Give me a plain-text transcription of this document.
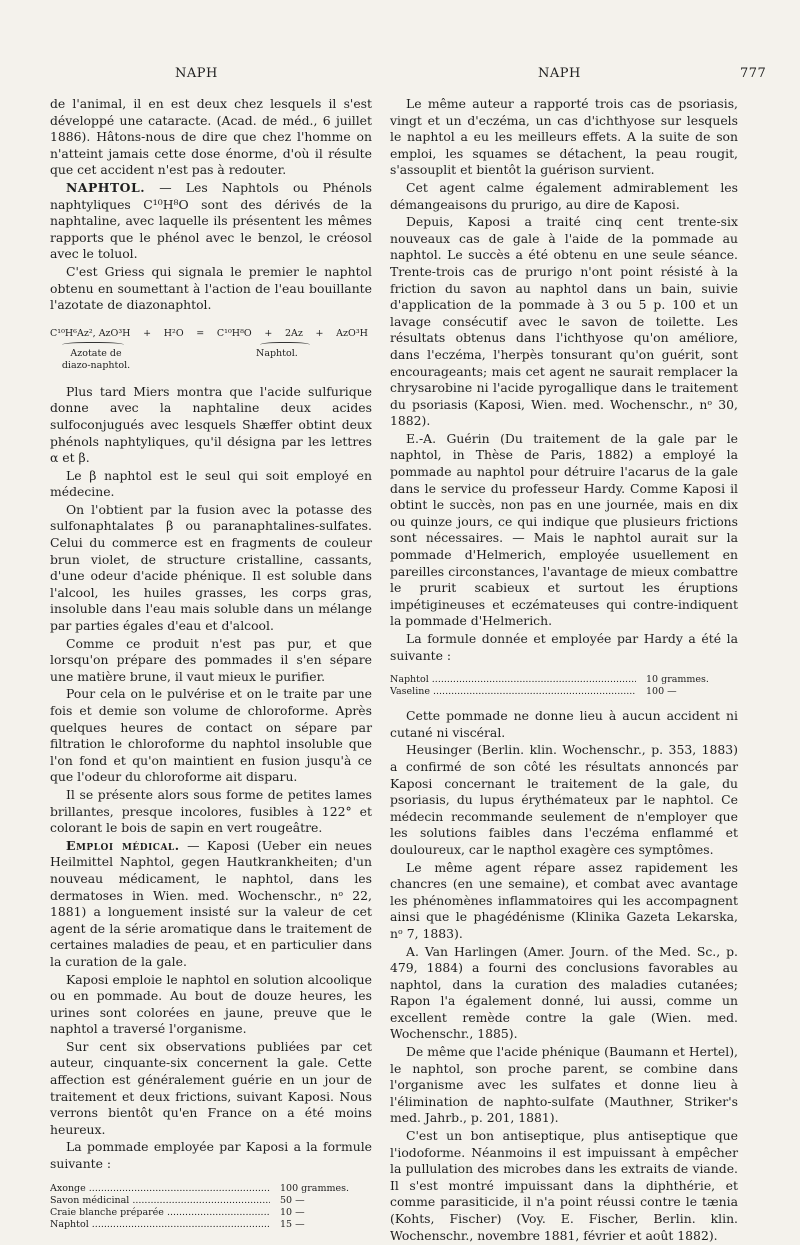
NAPH	NAPH	777

de l'animal, il en est deux chez lesquels il s'est développé une cataracte. (Acad. de méd., 6 juillet 1886). Hâtons-nous de dire que chez l'homme on n'atteint jamais cette dose énorme, d'où il résulte que cet accident n'est pas à redouter.

NAPHTOL. — Les Naphtols ou Phénols naphtyliques C¹⁰H⁸O sont des dérivés de la naphtaline, avec laquelle ils présentent les mêmes rapports que le phénol avec le benzol, le créosol avec le toluol.

C'est Griess qui signala le premier le naphtol obtenu en soumettant à l'action de l'eau bouillante l'azotate de diazonaphtol.

C¹⁰H⁶Az², AzO³H + H²O = C¹⁰H⁸O + 2Az + AzO³H
Azotate de diazo-naphtol.
Naphtol.

Plus tard Miers montra que l'acide sulfurique donne avec la naphtaline deux acides sulfoconjugués avec lesquels Shæffer obtint deux phénols naphtyliques, qu'il désigna par les lettres α et β.

Le β naphtol est le seul qui soit employé en médecine.

On l'obtient par la fusion avec la potasse des sulfonaphtalates β ou paranaphtalines-sulfates. Celui du commerce est en fragments de couleur brun violet, de structure cristalline, cassants, d'une odeur d'acide phénique. Il est soluble dans l'alcool, les huiles grasses, les corps gras, insoluble dans l'eau mais soluble dans un mélange par parties égales d'eau et d'alcool.

Comme ce produit n'est pas pur, et que lorsqu'on prépare des pommades il s'en sépare une matière brune, il vaut mieux le purifier.

Pour cela on le pulvérise et on le traite par une fois et demie son volume de chloroforme. Après quelques heures de contact on sépare par filtration le chloroforme du naphtol insoluble que l'on fond et qu'on maintient en fusion jusqu'à ce que l'odeur du chloroforme ait disparu.

Il se présente alors sous forme de petites lames brillantes, presque incolores, fusibles à 122° et colorant le bois de sapin en vert rougeâtre.

Emploi médical. — Kaposi (Ueber ein neues Heilmittel Naphtol, gegen Hautkrankheiten; d'un nouveau médicament, le naphtol, dans les dermatoses in Wien. med. Wochenschr., nᵒ 22, 1881) a longuement insisté sur la valeur de cet agent de la série aromatique dans le traitement de certaines maladies de peau, et en particulier dans la curation de la gale.

Kaposi emploie le naphtol en solution alcoolique ou en pommade. Au bout de douze heures, les urines sont colorées en jaune, preuve que le naphtol a traversé l'organisme.

Sur cent six observations publiées par cet auteur, cinquante-six concernent la gale. Cette affection est généralement guérie en un jour de traitement et deux frictions, suivant Kaposi. Nous verrons bientôt qu'en France on a été moins heureux.

La pommade employée par Kaposi a la formule suivante :

Axonge .....	100 grammes.
Savon médicinal .....	50 —
Craie blanche préparée .....	10 —
Naphtol .....	15 —

Le même auteur a rapporté trois cas de psoriasis, vingt et un d'eczéma, un cas d'ichthyose sur lesquels le naphtol a eu les meilleurs effets. A la suite de son emploi, les squames se détachent, la peau rougit, s'assouplit et bientôt la guérison survient.

Cet agent calme également admirablement les démangeaisons du prurigo, au dire de Kaposi.

Depuis, Kaposi a traité cinq cent trente-six nouveaux cas de gale à l'aide de la pommade au naphtol. Le succès a été obtenu en une seule séance. Trente-trois cas de prurigo n'ont point résisté à la friction du savon au naphtol dans un bain, suivie d'application de la pommade à 3 ou 5 p. 100 et un lavage consécutif avec le savon de toilette. Les résultats obtenus dans l'ichthyose qu'on améliore, dans l'eczéma, l'herpès tonsurant qu'on guérit, sont encourageants; mais cet agent ne saurait remplacer la chrysarobine ni l'acide pyrogallique dans le traitement du psoriasis (Kaposi, Wien. med. Wochenschr., nᵒ 30, 1882).

E.-A. Guérin (Du traitement de la gale par le naphtol, in Thèse de Paris, 1882) a employé la pommade au naphtol pour détruire l'acarus de la gale dans le service du professeur Hardy. Comme Kaposi il obtint le succès, non pas en une journée, mais en dix ou quinze jours, ce qui indique que plusieurs frictions sont nécessaires. — Mais le naphtol aurait sur la pommade d'Helmerich, employée usuellement en pareilles circonstances, l'avantage de mieux combattre le prurit scabieux et surtout les éruptions impétigineuses et eczémateuses qui contre-indiquent la pommade d'Helmerich.

La formule donnée et employée par Hardy a été la suivante :

Naphtol .....	10 grammes.
Vaseline .....	100 —

Cette pommade ne donne lieu à aucun accident ni cutané ni viscéral.

Heusinger (Berlin. klin. Wochenschr., p. 353, 1883) a confirmé de son côté les résultats annoncés par Kaposi concernant le traitement de la gale, du psoriasis, du lupus érythémateux par le naphtol. Ce médecin recommande seulement de n'employer que les solutions faibles dans l'eczéma enflammé et douloureux, car le napthol exagère ces symptômes.

Le même agent répare assez rapidement les chancres (en une semaine), et combat avec avantage les phénomènes inflammatoires qui les accompagnent ainsi que le phagédénisme (Klinika Gazeta Lekarska, nᵒ 7, 1883).

A. Van Harlingen (Amer. Journ. of the Med. Sc., p. 479, 1884) a fourni des conclusions favorables au naphtol, dans la curation des maladies cutanées; Rapon l'a également donné, lui aussi, comme un excellent remède contre la gale (Wien. med. Wochenschr., 1885).

De même que l'acide phénique (Baumann et Hertel), le naphtol, son proche parent, se combine dans l'organisme avec les sulfates et donne lieu à l'élimination de naphto-sulfate (Mauthner, Striker's med. Jahrb., p. 201, 1881).

C'est un bon antiseptique, plus antiseptique que l'iodoforme. Néanmoins il est impuissant à empêcher la pullulation des microbes dans les extraits de viande. Il s'est montré impuissant dans la diphthérie, et comme parasiticide, il n'a point réussi contre le tænia (Kohts, Fischer) (Voy. E. Fischer, Berlin. klin. Wochenschr., novembre 1881, février et août 1882).
